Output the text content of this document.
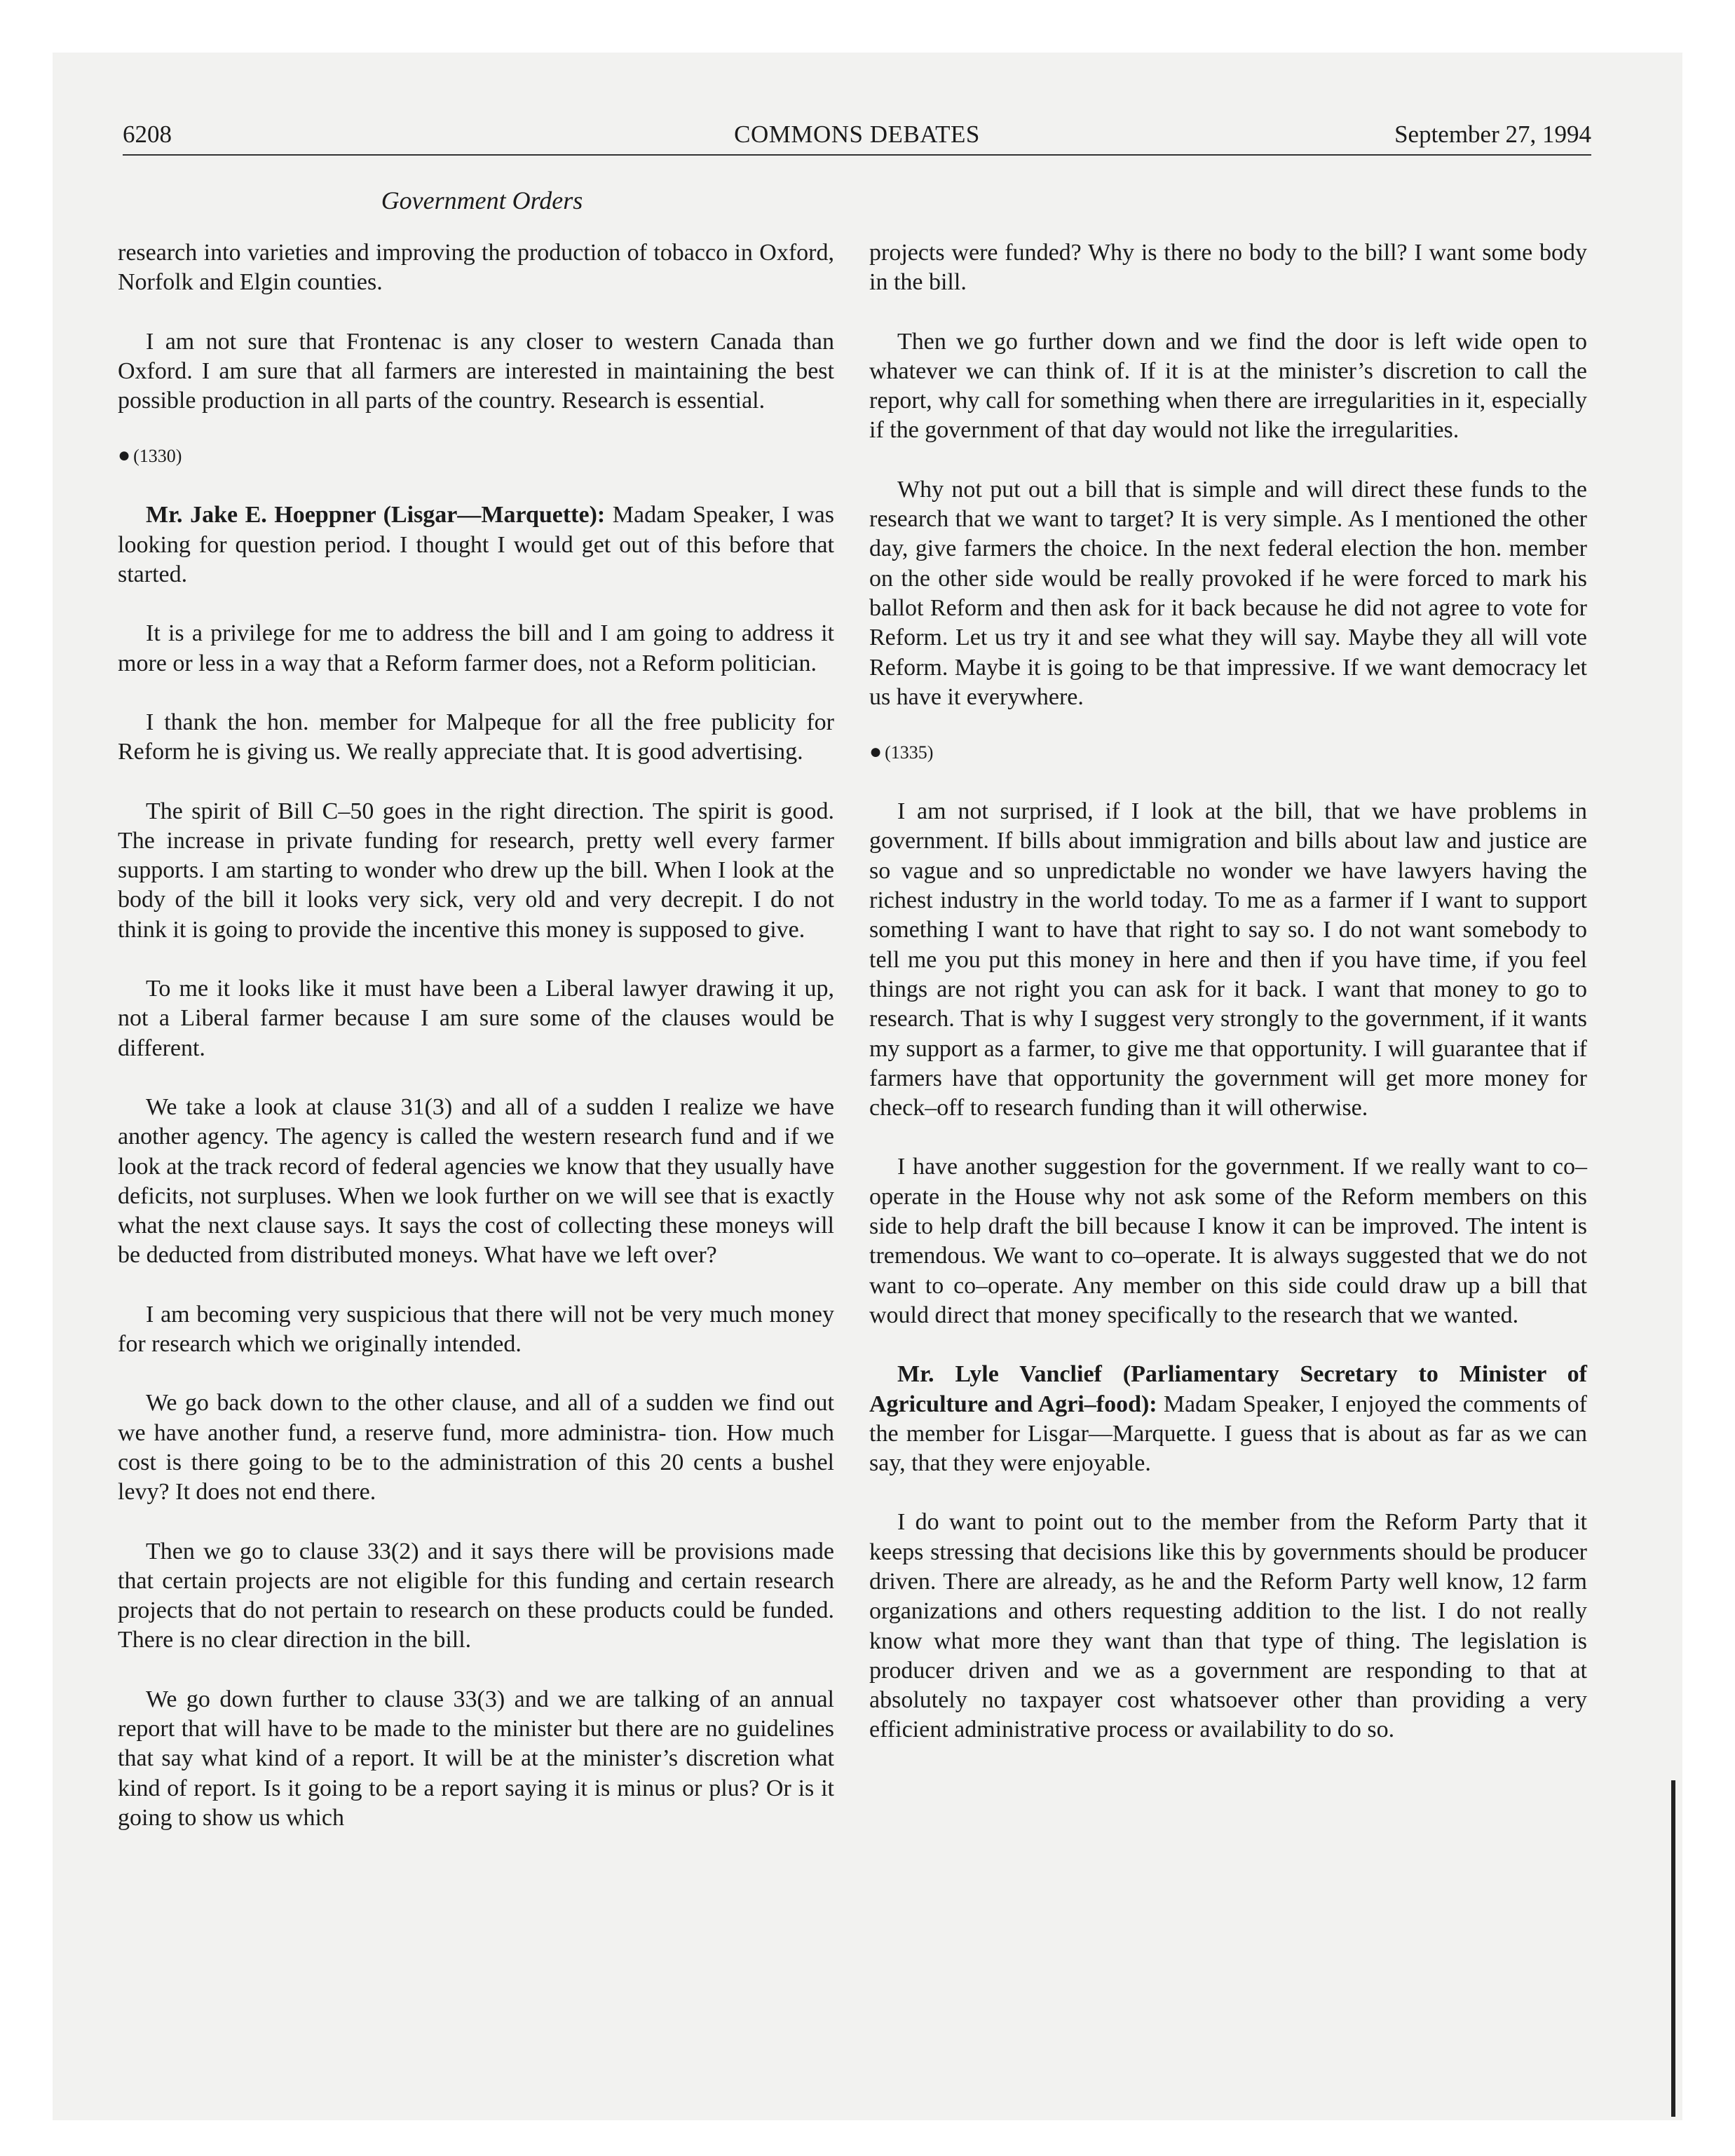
COMMONS DEBATES
6208	September 27, 1994
Government Orders

research into varieties and improving the production of tobacco in Oxford, Norfolk and Elgin counties.

I am not sure that Frontenac is any closer to western Canada than Oxford. I am sure that all farmers are interested in maintaining the best possible production in all parts of the country. Research is essential.

● (1330)

Mr. Jake E. Hoeppner (Lisgar—Marquette): Madam Speaker, I was looking for question period. I thought I would get out of this before that started.

It is a privilege for me to address the bill and I am going to address it more or less in a way that a Reform farmer does, not a Reform politician.

I thank the hon. member for Malpeque for all the free publicity for Reform he is giving us. We really appreciate that. It is good advertising.

The spirit of Bill C–50 goes in the right direction. The spirit is good. The increase in private funding for research, pretty well every farmer supports. I am starting to wonder who drew up the bill. When I look at the body of the bill it looks very sick, very old and very decrepit. I do not think it is going to provide the incentive this money is supposed to give.

To me it looks like it must have been a Liberal lawyer drawing it up, not a Liberal farmer because I am sure some of the clauses would be different.

We take a look at clause 31(3) and all of a sudden I realize we have another agency. The agency is called the western research fund and if we look at the track record of federal agencies we know that they usually have deficits, not surpluses. When we look further on we will see that is exactly what the next clause says. It says the cost of collecting these moneys will be deducted from distributed moneys. What have we left over?

I am becoming very suspicious that there will not be very much money for research which we originally intended.

We go back down to the other clause, and all of a sudden we find out we have another fund, a reserve fund, more administra- tion. How much cost is there going to be to the administration of this 20 cents a bushel levy? It does not end there.

Then we go to clause 33(2) and it says there will be provisions made that certain projects are not eligible for this funding and certain research projects that do not pertain to research on these products could be funded. There is no clear direction in the bill.

We go down further to clause 33(3) and we are talking of an annual report that will have to be made to the minister but there are no guidelines that say what kind of a report. It will be at the minister’s discretion what kind of report. Is it going to be a report saying it is minus or plus? Or is it going to show us which

projects were funded? Why is there no body to the bill? I want some body in the bill.

Then we go further down and we find the door is left wide open to whatever we can think of. If it is at the minister’s discretion to call the report, why call for something when there are irregularities in it, especially if the government of that day would not like the irregularities.

Why not put out a bill that is simple and will direct these funds to the research that we want to target? It is very simple. As I mentioned the other day, give farmers the choice. In the next federal election the hon. member on the other side would be really provoked if he were forced to mark his ballot Reform and then ask for it back because he did not agree to vote for Reform. Let us try it and see what they will say. Maybe they all will vote Reform. Maybe it is going to be that impressive. If we want democracy let us have it everywhere.

● (1335)

I am not surprised, if I look at the bill, that we have problems in government. If bills about immigration and bills about law and justice are so vague and so unpredictable no wonder we have lawyers having the richest industry in the world today. To me as a farmer if I want to support something I want to have that right to say so. I do not want somebody to tell me you put this money in here and then if you have time, if you feel things are not right you can ask for it back. I want that money to go to research. That is why I suggest very strongly to the government, if it wants my support as a farmer, to give me that opportunity. I will guarantee that if farmers have that opportunity the government will get more money for check–off to research funding than it will otherwise.

I have another suggestion for the government. If we really want to co–operate in the House why not ask some of the Reform members on this side to help draft the bill because I know it can be improved. The intent is tremendous. We want to co–operate. It is always suggested that we do not want to co–operate. Any member on this side could draw up a bill that would direct that money specifically to the research that we wanted.

Mr. Lyle Vanclief (Parliamentary Secretary to Minister of Agriculture and Agri–food): Madam Speaker, I enjoyed the comments of the member for Lisgar—Marquette. I guess that is about as far as we can say, that they were enjoyable.

I do want to point out to the member from the Reform Party that it keeps stressing that decisions like this by governments should be producer driven. There are already, as he and the Reform Party well know, 12 farm organizations and others requesting addition to the list. I do not really know what more they want than that type of thing. The legislation is producer driven and we as a government are responding to that at absolutely no taxpayer cost whatsoever other than providing a very efficient administrative process or availability to do so.
